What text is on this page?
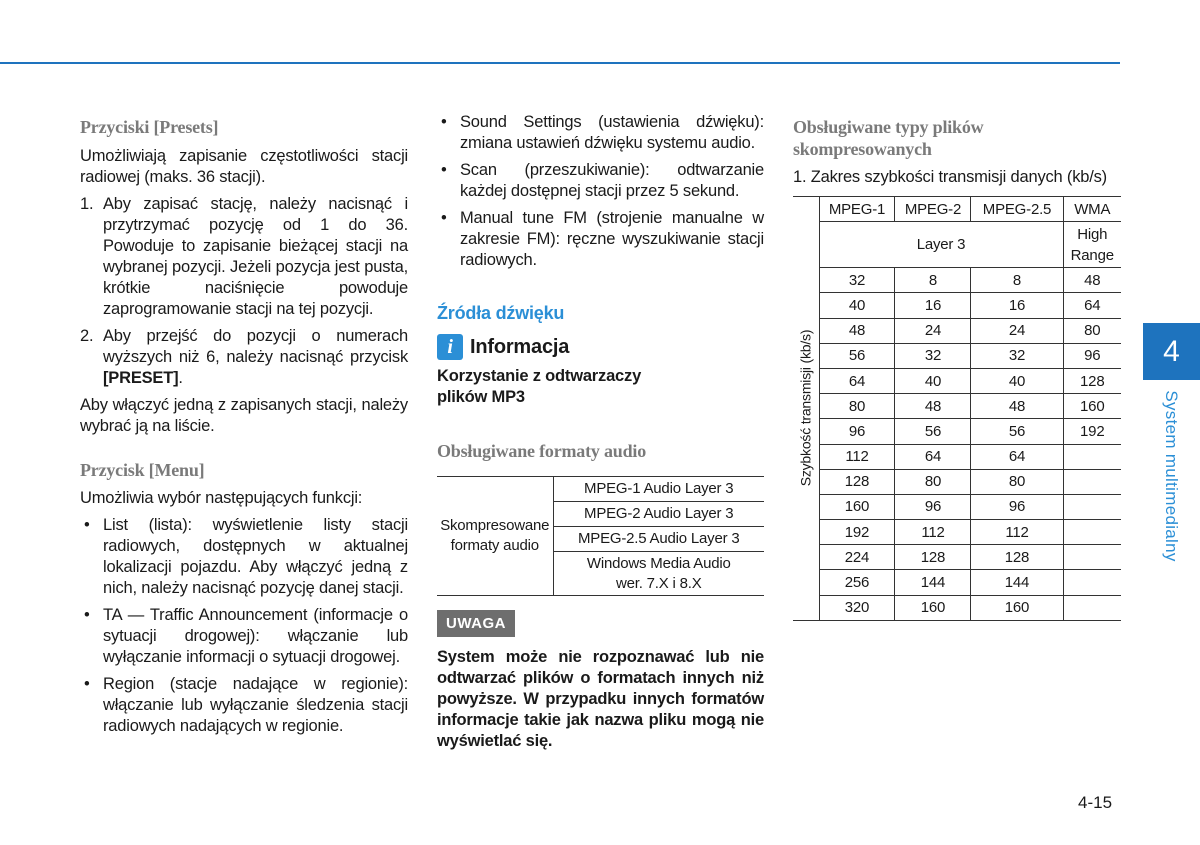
Przyciski [Presets]

Umożliwiają zapisanie częstotliwości stacji radiowej (maks. 36 stacji).

1. Aby zapisać stację, należy nacisnąć i przytrzymać pozycję od 1 do 36. Powoduje to zapisanie bieżącej stacji na wybranej pozycji. Jeżeli pozycja jest pusta, krótkie naciśnięcie powoduje zaprogramowanie stacji na tej pozycji.
2. Aby przejść do pozycji o numerach wyższych niż 6, należy nacisnąć przycisk [PRESET].

Aby włączyć jedną z zapisanych stacji, należy wybrać ją na liście.

Przycisk [Menu]

Umożliwia wybór następujących funkcji:

• List (lista): wyświetlenie listy stacji radiowych, dostępnych w aktualnej lokalizacji pojazdu. Aby włączyć jedną z nich, należy nacisnąć pozycję danej stacji.
• TA — Traffic Announcement (informacje o sytuacji drogowej): włączanie lub wyłączanie informacji o sytuacji drogowej.
• Region (stacje nadające w regionie): włączanie lub wyłączanie śledzenia stacji radiowych nadających w regionie.
• Sound Settings (ustawienia dźwięku): zmiana ustawień dźwięku systemu audio.
• Scan (przeszukiwanie): odtwarzanie każdej dostępnej stacji przez 5 sekund.
• Manual tune FM (strojenie manualne w zakresie FM): ręczne wyszukiwanie stacji radiowych.
Źródła dźwięku
i Informacja
Korzystanie z odtwarzaczy
plików MP3
Obsługiwane formaty audio
Skompresowane
formaty audio
	MPEG-1 Audio Layer 3
MPEG-2 Audio Layer 3
MPEG-2.5 Audio Layer 3

Windows Media Audio
wer. 7.X i 8.X
UWAGA

System może nie rozpoznawać lub nie odtwarzać plików o formatach innych niż powyższe. W przypadku innych formatów informacje takie jak nazwa pliku mogą nie wyświetlać się.

Obsługiwane typy plików
skompresowanych

1. Zakres szybkości transmisji danych (kb/s)

Szybkość transmisji (kb/s)	MPEG-1	MPEG-2	MPEG-2.5	WMA
	Layer 3			High
Range

	32	8	8	48
	40	16	16	64
	48	24	24	80
	56	32	32	96
	64	40	40	128
	80	48	48	160
	96	56	56	192
	112	64	64	
	128	80	80	
	160	96	96	
	192	112	112	
	224	128	128	
	256	144	144	
	320	160	160	
4
System multimedialny
4-15
